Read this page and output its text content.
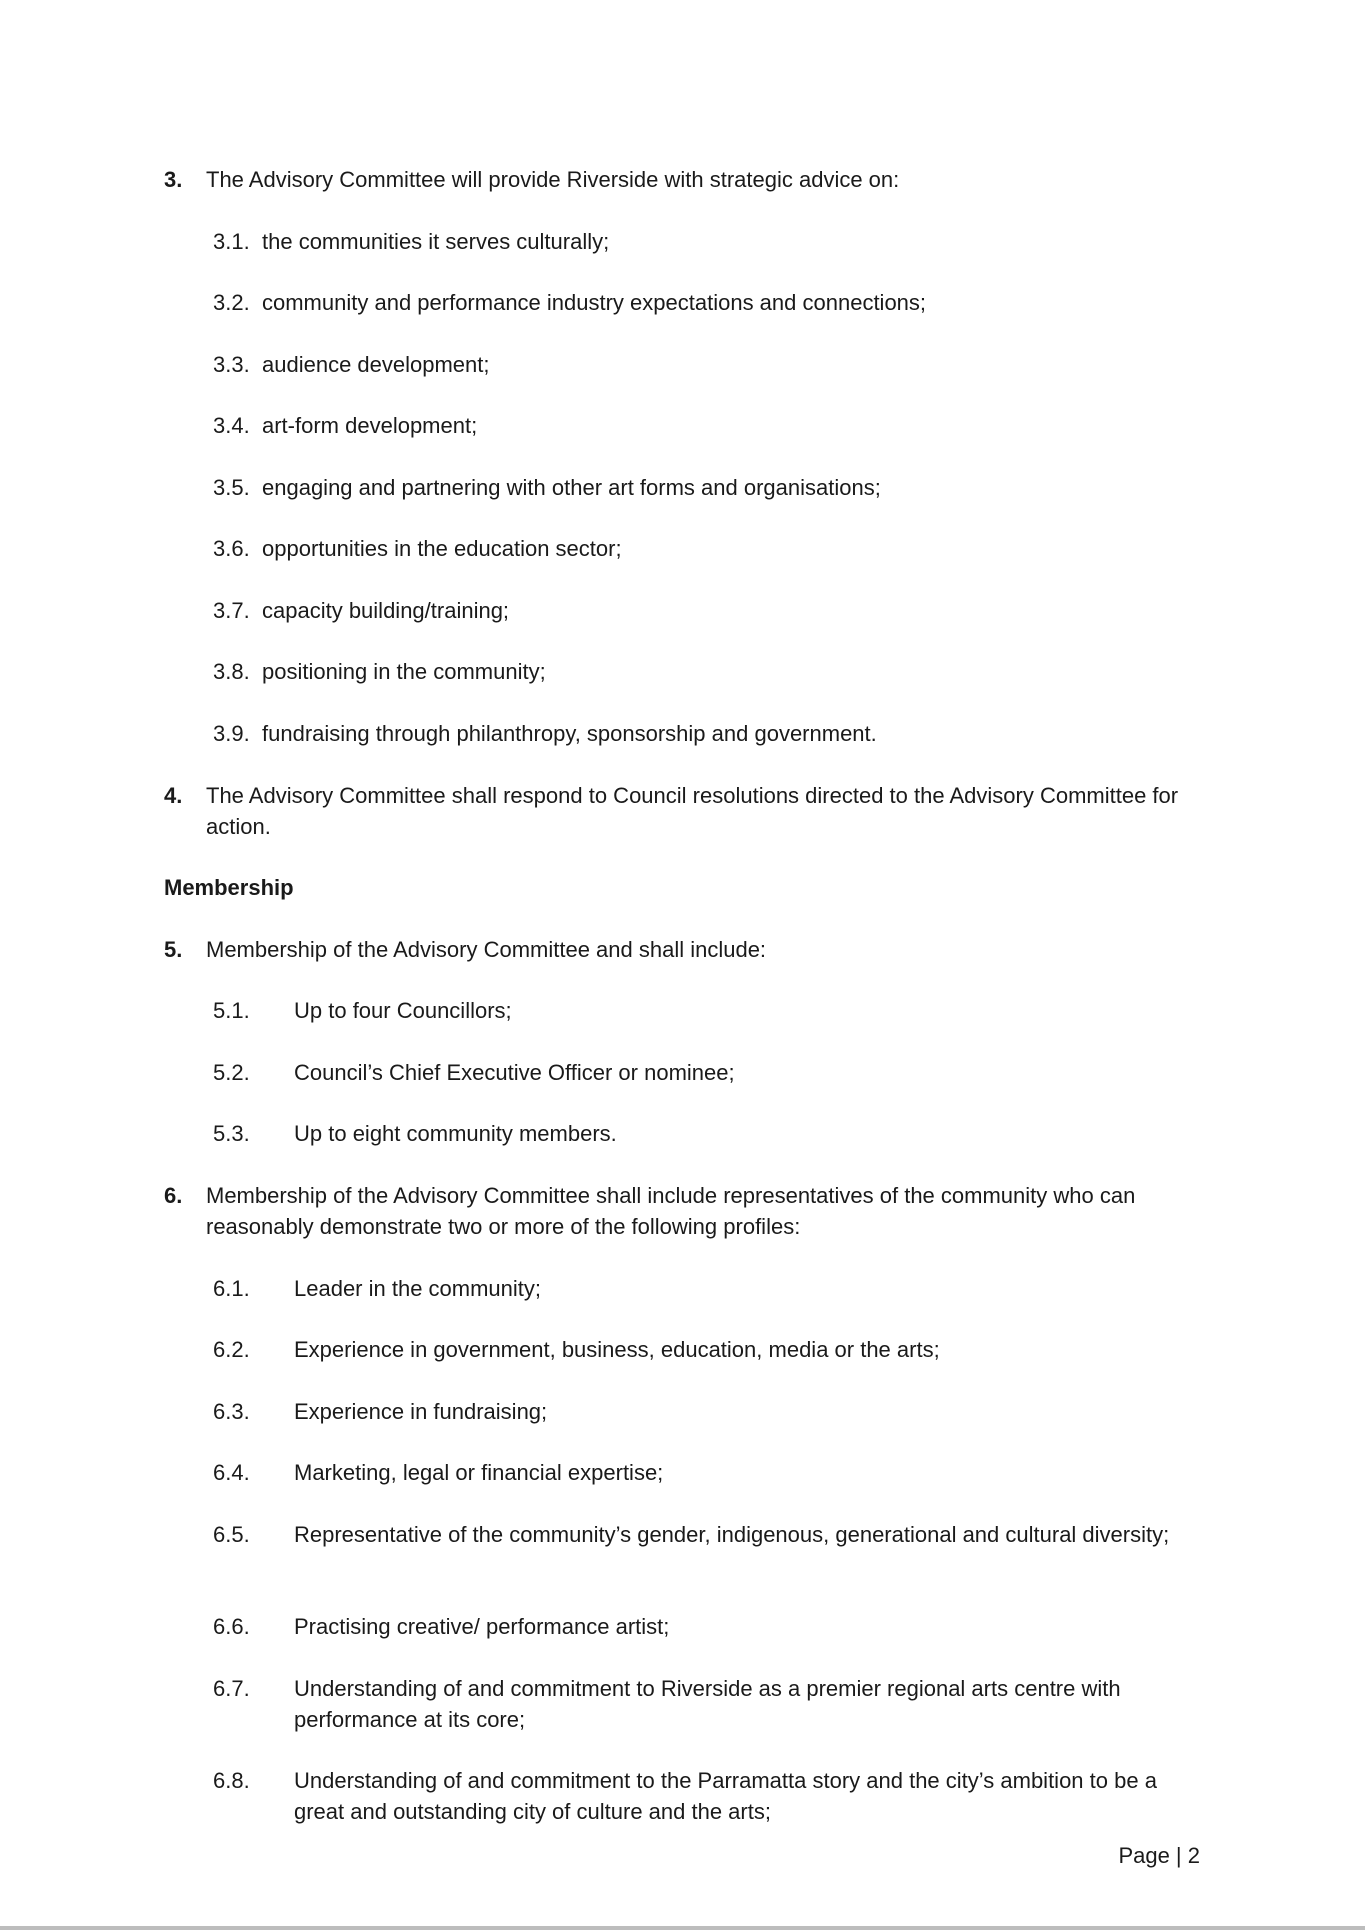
3. The Advisory Committee will provide Riverside with strategic advice on:
3.1. the communities it serves culturally;
3.2. community and performance industry expectations and connections;
3.3. audience development;
3.4. art-form development;
3.5. engaging and partnering with other art forms and organisations;
3.6. opportunities in the education sector;
3.7. capacity building/training;
3.8. positioning in the community;
3.9. fundraising through philanthropy, sponsorship and government.
4. The Advisory Committee shall respond to Council resolutions directed to the Advisory Committee for action.
Membership
5. Membership of the Advisory Committee and shall include:
5.1. Up to four Councillors;
5.2. Council’s Chief Executive Officer or nominee;
5.3. Up to eight community members.
6. Membership of the Advisory Committee shall include representatives of the community who can reasonably demonstrate two or more of the following profiles:
6.1. Leader in the community;
6.2. Experience in government, business, education, media or the arts;
6.3. Experience in fundraising;
6.4. Marketing, legal or financial expertise;
6.5. Representative of the community’s gender, indigenous, generational and cultural diversity;
6.6. Practising creative/ performance artist;
6.7. Understanding of and commitment to Riverside as a premier regional arts centre with performance at its core;
6.8. Understanding of and commitment to the Parramatta story and the city’s ambition to be a great and outstanding city of culture and the arts;
Page | 2
